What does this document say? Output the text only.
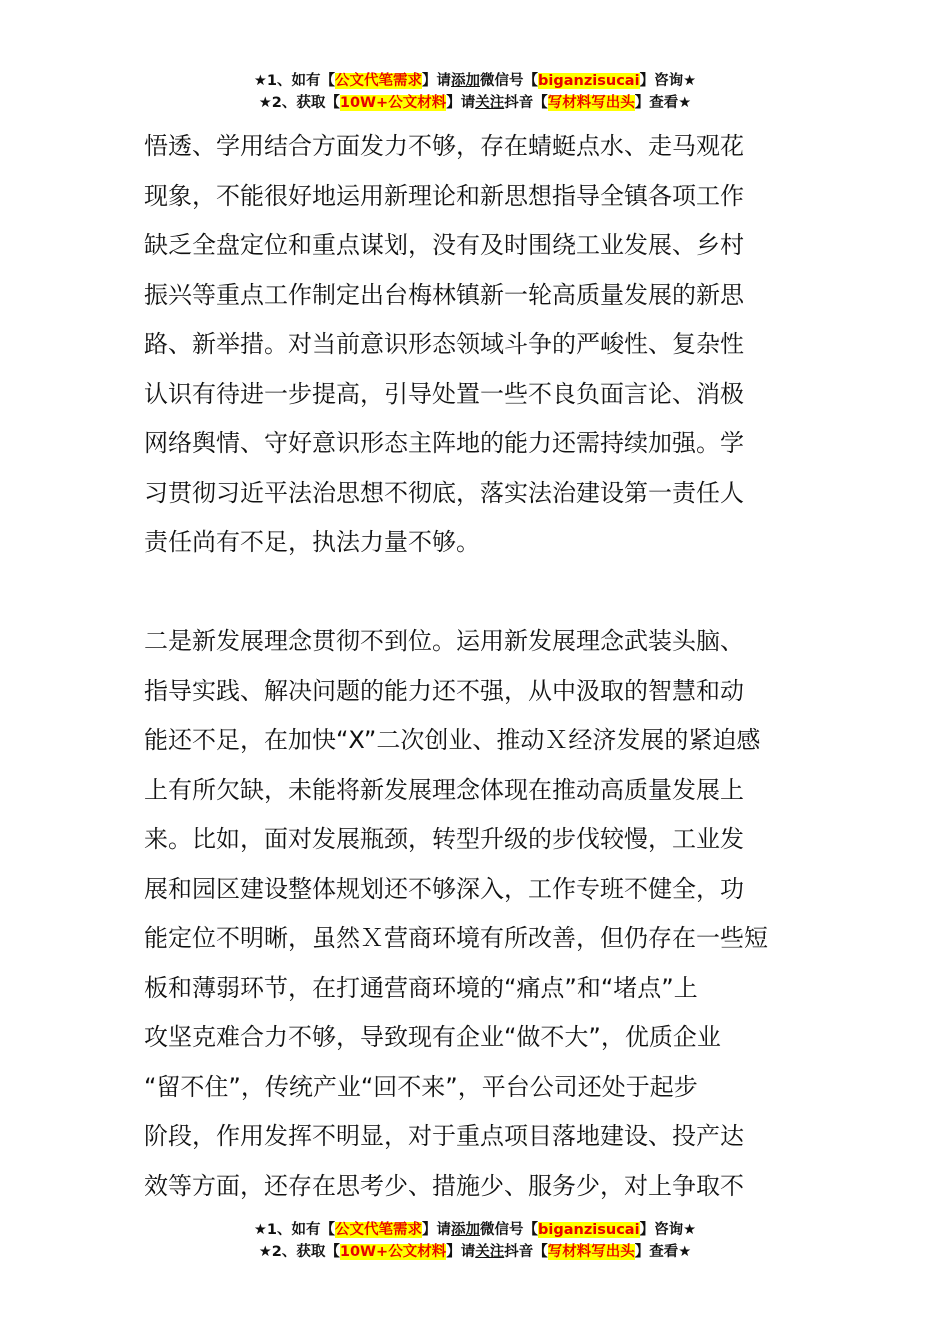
★1、如有【公文代笔需求】请添加微信号【biganzisucai】咨询★
★2、获取【10W+公文材料】请关注抖音【写材料写出头】查看★
悟透、学用结合方面发力不够，存在蜻蜓点水、走马观花
现象，不能很好地运用新理论和新思想指导全镇各项工作
缺乏全盘定位和重点谋划，没有及时围绕工业发展、乡村
振兴等重点工作制定出台梅林镇新一轮高质量发展的新思
路、新举措。对当前意识形态领域斗争的严峻性、复杂性
认识有待进一步提高，引导处置一些不良负面言论、消极
网络舆情、守好意识形态主阵地的能力还需持续加强。学
习贯彻习近平法治思想不彻底，落实法治建设第一责任人
责任尚有不足，执法力量不够。
二是新发展理念贯彻不到位。运用新发展理念武装头脑、
指导实践、解决问题的能力还不强，从中汲取的智慧和动
能还不足，在加快“X”二次创业、推动Ｘ经济发展的紧迫感
上有所欠缺，未能将新发展理念体现在推动高质量发展上
来。比如，面对发展瓶颈，转型升级的步伐较慢，工业发
展和园区建设整体规划还不够深入，工作专班不健全，功
能定位不明晰，虽然Ｘ营商环境有所改善，但仍存在一些短
板和薄弱环节，在打通营商环境的“痛点”和“堵点”上
攻坚克难合力不够，导致现有企业“做不大”，优质企业
“留不住”，传统产业“回不来”，平台公司还处于起步
阶段，作用发挥不明显，对于重点项目落地建设、投产达
效等方面，还存在思考少、措施少、服务少，对上争取不
★1、如有【公文代笔需求】请添加微信号【biganzisucai】咨询★
★2、获取【10W+公文材料】请关注抖音【写材料写出头】查看★
